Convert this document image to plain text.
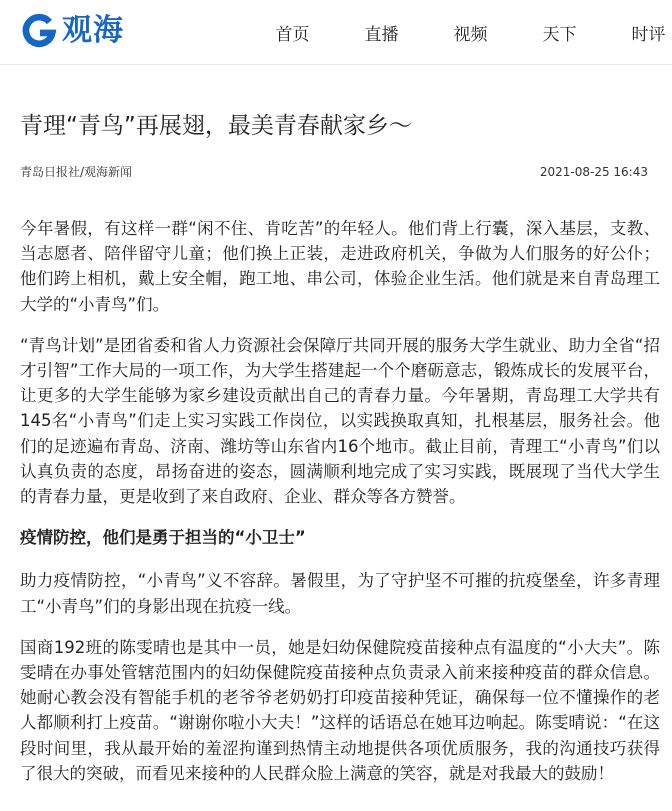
观海	首页	直播	视频	天下	时评
青理“青鸟”再展翅，最美青春献家乡～
青岛日报社/观海新闻	2021-08-25 16:43

今年暑假，有这样一群“闲不住、肯吃苦”的年轻人。他们背上行囊，深入基层，支教、当志愿者、陪伴留守儿童；他们换上正装，走进政府机关，争做为人们服务的好公仆；他们跨上相机，戴上安全帽，跑工地、串公司，体验企业生活。他们就是来自青岛理工大学的“小青鸟”们。

“青鸟计划”是团省委和省人力资源社会保障厅共同开展的服务大学生就业、助力全省“招才引智”工作大局的一项工作，为大学生搭建起一个个磨砺意志，锻炼成长的发展平台，让更多的大学生能够为家乡建设贡献出自己的青春力量。今年暑期，青岛理工大学共有145名“小青鸟”们走上实习实践工作岗位，以实践换取真知，扎根基层，服务社会。他们的足迹遍布青岛、济南、潍坊等山东省内16个地市。截止目前，青理工“小青鸟”们以认真负责的态度，昂扬奋进的姿态，圆满顺利地完成了实习实践，既展现了当代大学生的青春力量，更是收到了来自政府、企业、群众等各方赞誉。

疫情防控，他们是勇于担当的“小卫士”

助力疫情防控，“小青鸟”义不容辞。暑假里，为了守护坚不可摧的抗疫堡垒，许多青理工“小青鸟”们的身影出现在抗疫一线。

国商192班的陈雯晴也是其中一员，她是妇幼保健院疫苗接种点有温度的“小大夫”。陈雯晴在办事处管辖范围内的妇幼保健院疫苗接种点负责录入前来接种疫苗的群众信息。她耐心教会没有智能手机的老爷爷老奶奶打印疫苗接种凭证，确保每一位不懂操作的老人都顺利打上疫苗。“谢谢你啦小大夫！”这样的话语总在她耳边响起。陈雯晴说：“在这段时间里，我从最开始的羞涩拘谨到热情主动地提供各项优质服务，我的沟通技巧获得了很大的突破，而看见来接种的人民群众脸上满意的笑容，就是对我最大的鼓励！
